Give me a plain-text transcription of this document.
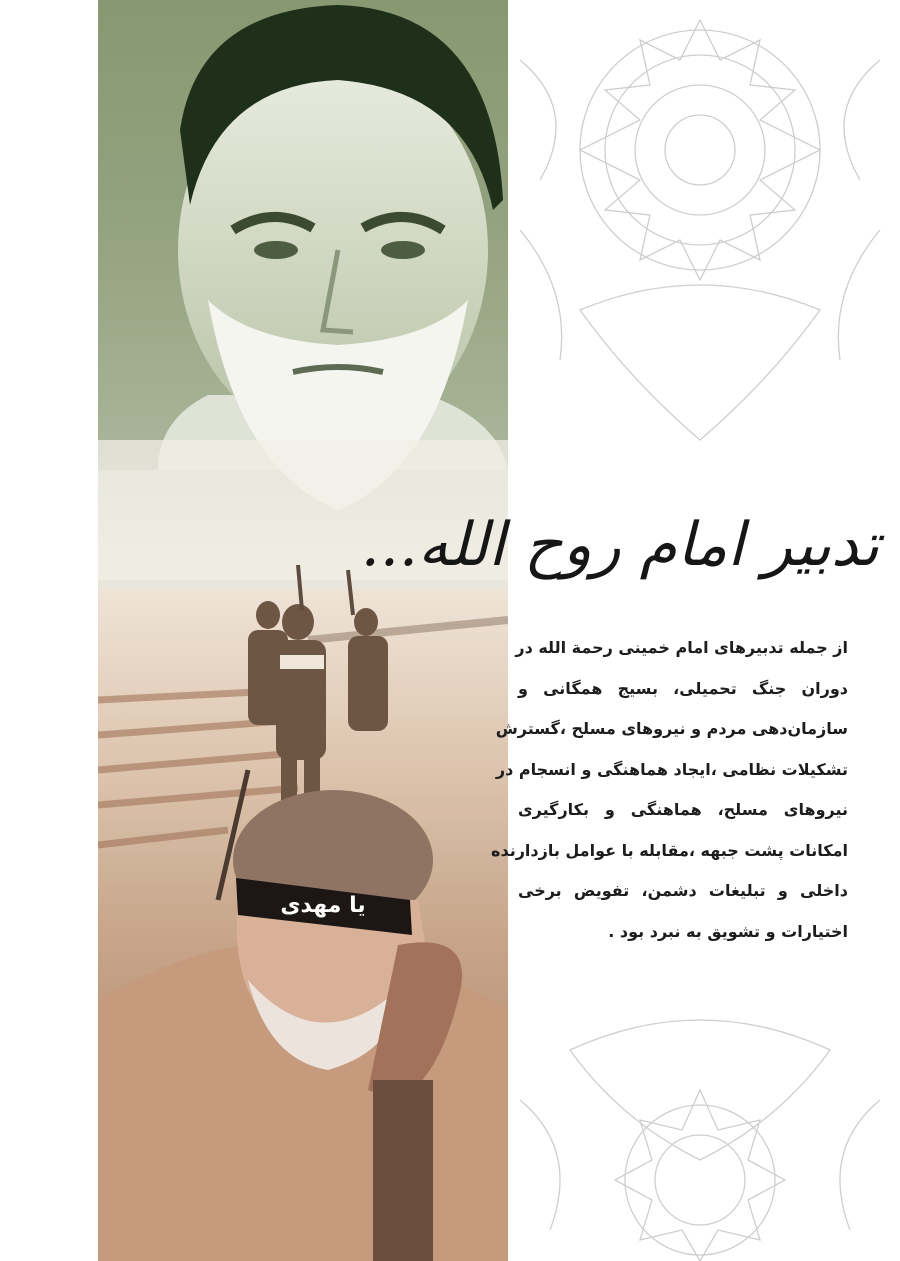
یا مهدی
تدبیر امام روح الله...

از جمله تدبیرهای امام خمینی رحمة الله در

دوران جنگ تحمیلی، بسیج همگانی و

سازمان‌دهی مردم و نیروهای مسلح ،گسترش

تشکیلات نظامی ،ایجاد هماهنگی و انسجام در

نیروهای مسلح، هماهنگی و بکارگیری

امکانات پشت جبهه ،مقابله با عوامل بازدارنده

داخلی و تبلیغات دشمن، تفویض برخی

اختیارات و تشویق به نبرد بود .
